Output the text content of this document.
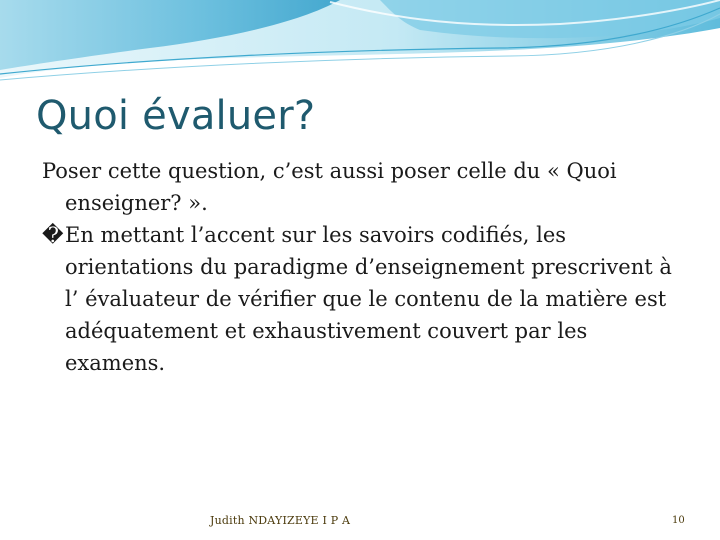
Quoi évaluer?

Poser cette question, c’est aussi poser celle du « Quoi enseigner? ».

�En mettant l’accent sur les savoirs codifiés, les orientations du paradigme d’enseignement prescrivent à l’ évaluateur de vérifier que le contenu de la matière est adéquatement et exhaustivement couvert par les examens.

Judith NDAYIZEYE I P A	10
